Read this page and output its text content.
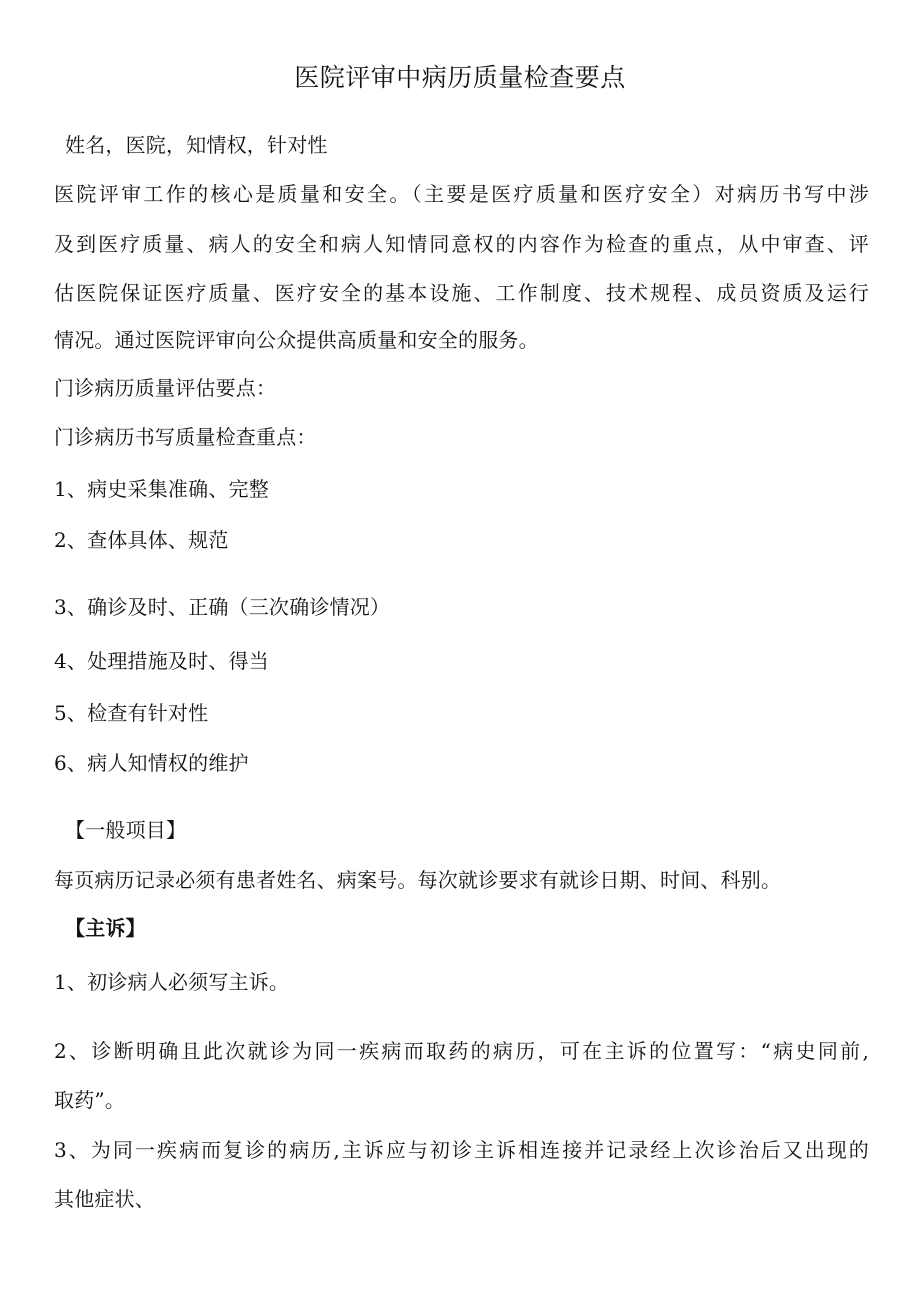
医院评审中病历质量检查要点
姓名，医院，知情权，针对性
医院评审工作的核心是质量和安全。（主要是医疗质量和医疗安全）对病历书写中涉
及到医疗质量、病人的安全和病人知情同意权的内容作为检查的重点，从中审查、评
估医院保证医疗质量、医疗安全的基本设施、工作制度、技术规程、成员资质及运行
情况。通过医院评审向公众提供高质量和安全的服务。
门诊病历质量评估要点：
门诊病历书写质量检查重点：
1、病史采集准确、完整
2、查体具体、规范
3、确诊及时、正确（三次确诊情况）
4、处理措施及时、得当
5、检查有针对性
6、病人知情权的维护
【一般项目】
每页病历记录必须有患者姓名、病案号。每次就诊要求有就诊日期、时间、科别。
【主诉】
1、初诊病人必须写主诉。
2、诊断明确且此次就诊为同一疾病而取药的病历，可在主诉的位置写：“病史同前,
取药”。
3、为同一疾病而复诊的病历,主诉应与初诊主诉相连接并记录经上次诊治后又出现的
其他症状、
